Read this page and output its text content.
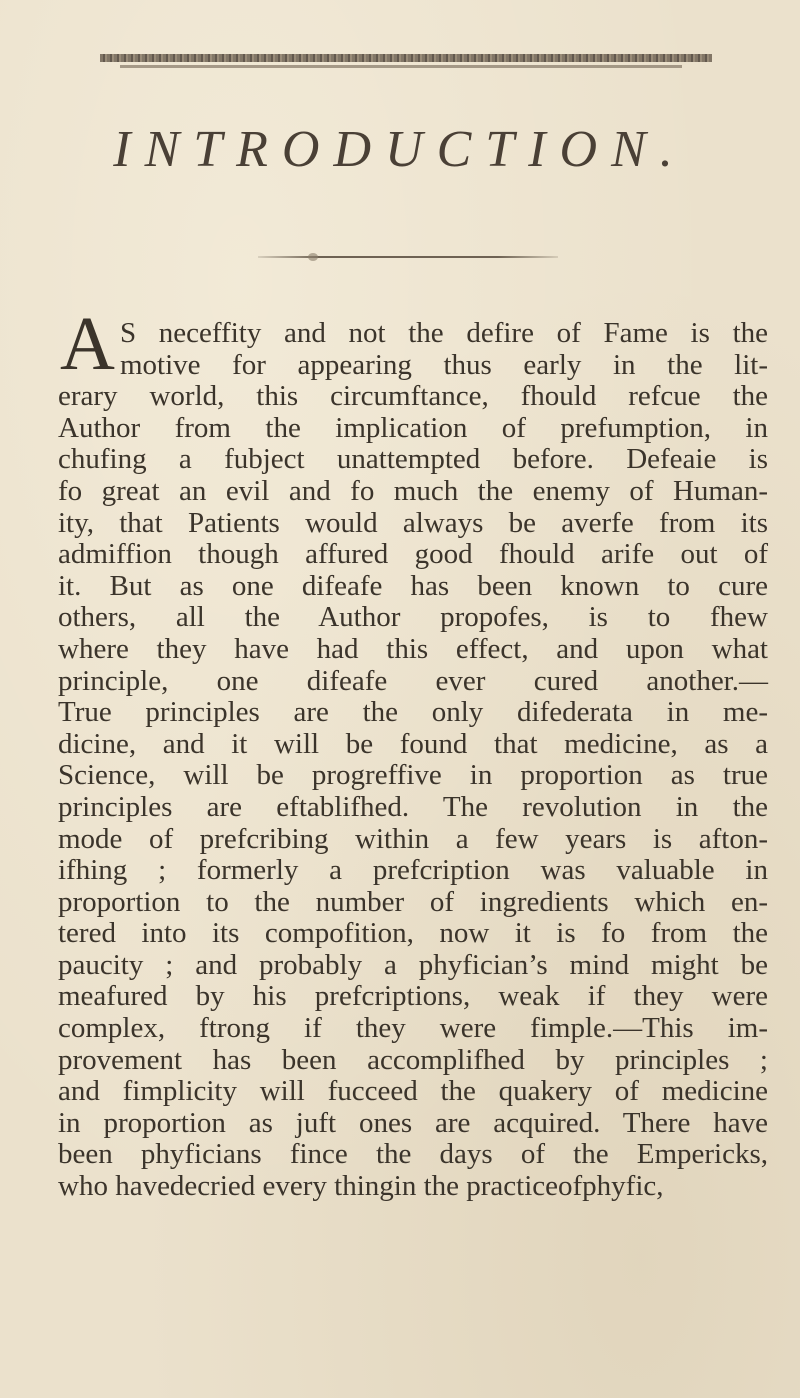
INTRODUCTION.
A S neceffity and not the defire of Fame is the
motive for appearing thus early in the lit-
erary world, this circumftance, fhould refcue the
Author from the implication of prefumption, in
chufing a fubject unattempted before. Defeaie is
fo great an evil and fo much the enemy of Human-
ity, that Patients would always be averfe from its
admiffion though affured good fhould arife out of
it. But as one difeafe has been known to cure
others, all the Author propofes, is to fhew
where they have had this effect, and upon what
principle, one difeafe ever cured another.—
True principles are the only difederata in me-
dicine, and it will be found that medicine, as a
Science, will be progreffive in proportion as true
principles are eftablifhed. The revolution in the
mode of prefcribing within a few years is afton-
ifhing ; formerly a prefcription was valuable in
proportion to the number of ingredients which en-
tered into its compofition, now it is fo from the
paucity ; and probably a phyfician’s mind might be
meafured by his prefcriptions, weak if they were
complex, ftrong if they were fimple.—This im-
provement has been accomplifhed by principles ;
and fimplicity will fucceed the quakery of medicine
in proportion as juft ones are acquired. There have
been phyficians fince the days of the Empericks,
who havedecried every thingin the practiceofphyfic,
